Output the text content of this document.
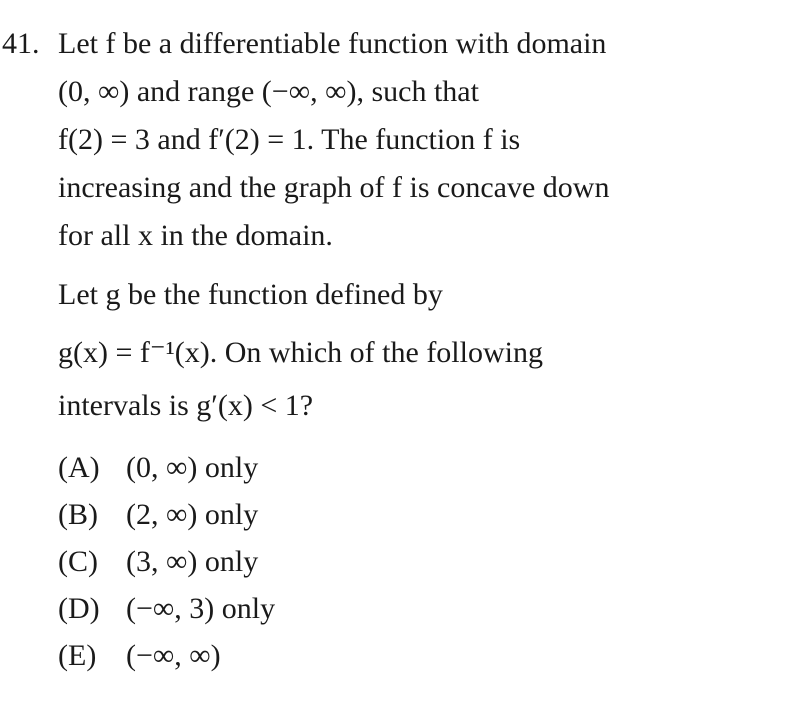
41. Let f be a differentiable function with domain
(0, ∞) and range (−∞, ∞), such that
f(2) = 3 and f′(2) = 1. The function f is
increasing and the graph of f is concave down
for all x in the domain.
Let g be the function defined by
g(x) = f⁻¹(x). On which of the following
intervals is g′(x) < 1?
(A) (0, ∞) only
(B) (2, ∞) only
(C) (3, ∞) only
(D) (−∞, 3) only
(E) (−∞, ∞)
